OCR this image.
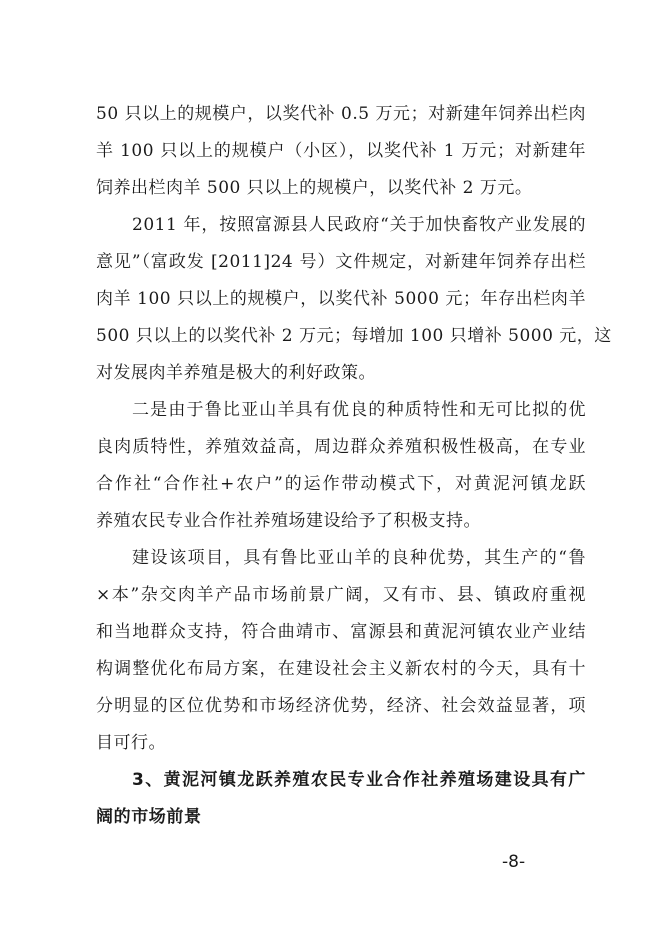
50 只以上的规模户，以奖代补 0.5 万元；对新建年饲养出栏肉
羊 100 只以上的规模户（小区），以奖代补 1 万元；对新建年
饲养出栏肉羊 500 只以上的规模户，以奖代补 2 万元。
2011 年，按照富源县人民政府“关于加快畜牧产业发展的
意见”（富政发 [2011]24 号）文件规定，对新建年饲养存出栏
肉羊 100 只以上的规模户，以奖代补 5000 元；年存出栏肉羊
500 只以上的以奖代补 2 万元；每增加 100 只增补 5000 元，这
对发展肉羊养殖是极大的利好政策。
二是由于鲁比亚山羊具有优良的种质特性和无可比拟的优
良肉质特性，养殖效益高，周边群众养殖积极性极高，在专业
合作社“合作社+农户”的运作带动模式下，对黄泥河镇龙跃
养殖农民专业合作社养殖场建设给予了积极支持。
建设该项目，具有鲁比亚山羊的良种优势，其生产的“鲁
×本”杂交肉羊产品市场前景广阔，又有市、县、镇政府重视
和当地群众支持，符合曲靖市、富源县和黄泥河镇农业产业结
构调整优化布局方案，在建设社会主义新农村的今天，具有十
分明显的区位优势和市场经济优势，经济、社会效益显著，项
目可行。
3、黄泥河镇龙跃养殖农民专业合作社养殖场建设具有广
阔的市场前景
-8-
